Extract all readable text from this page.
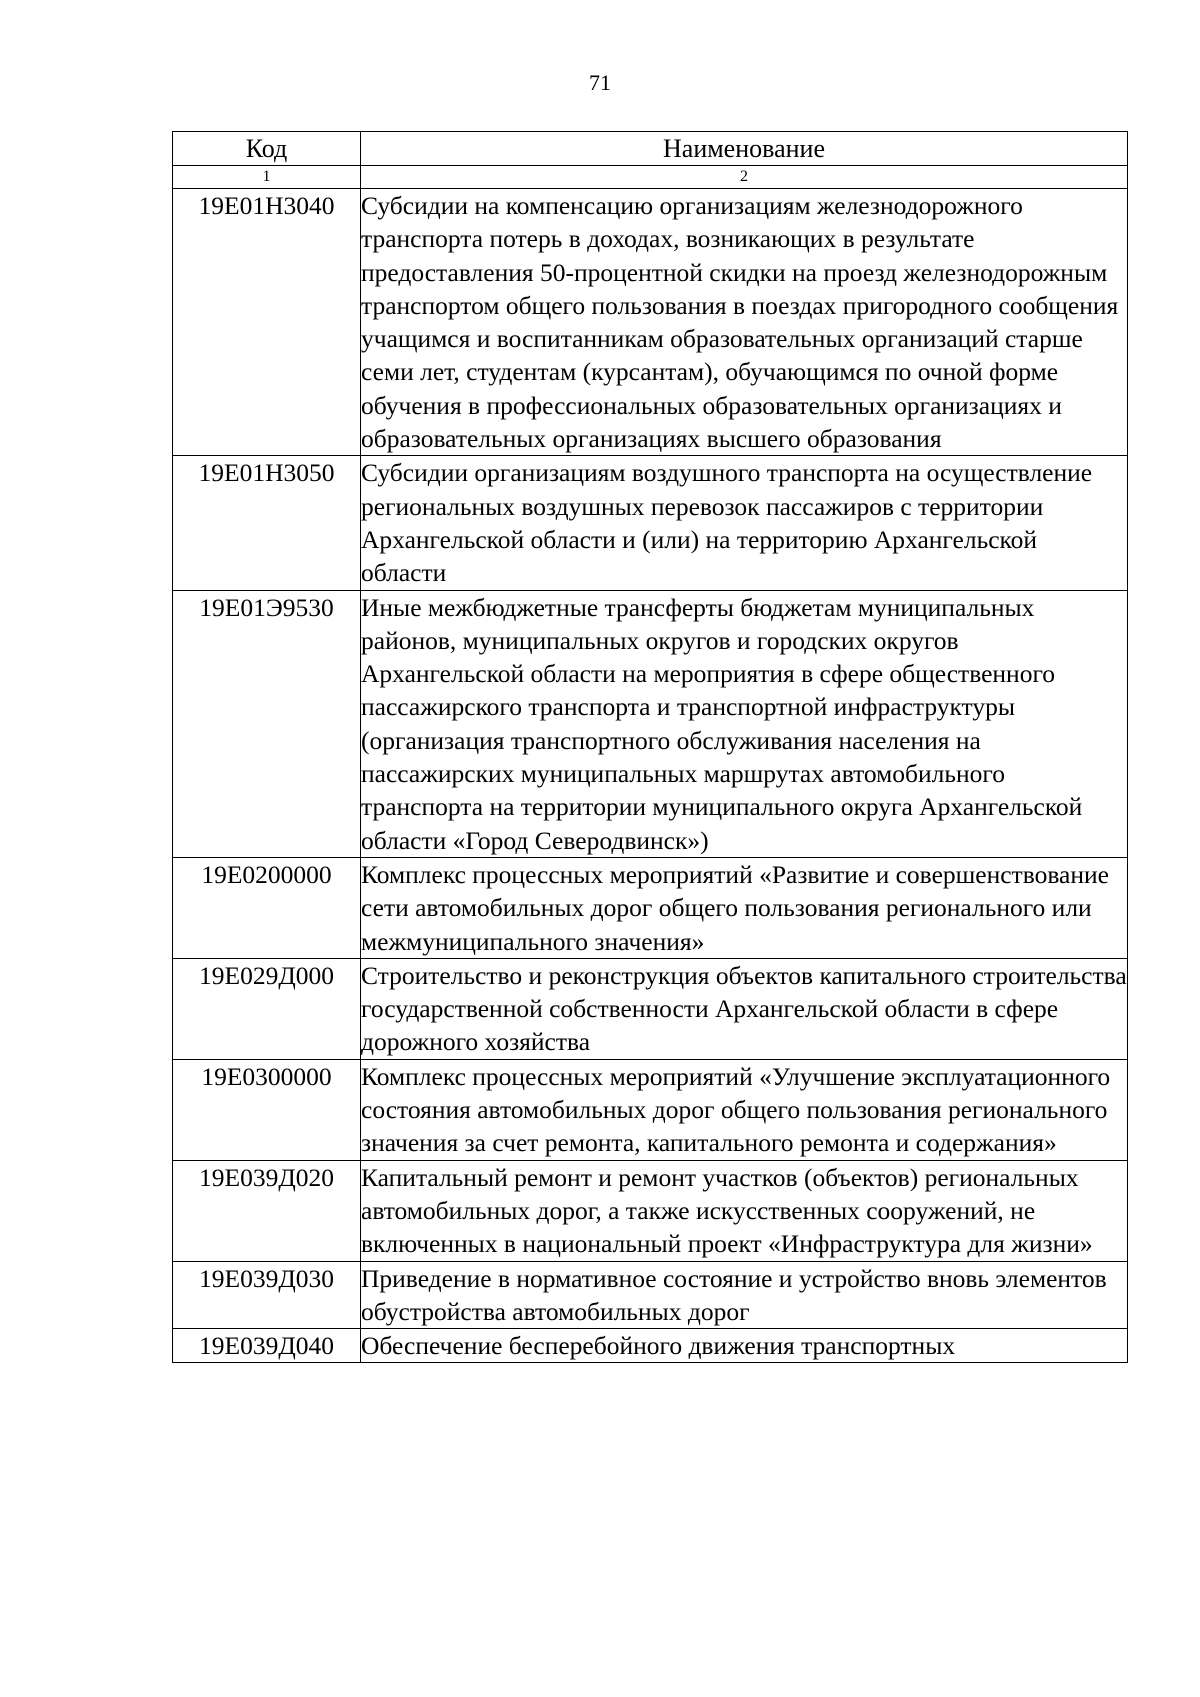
71
Код	Наименование
1	2
19Е01Н3040	Субсидии на компенсацию организациям железнодорожного транспорта потерь в доходах, возникающих в результате предоставления 50-процентной скидки на проезд железнодорожным транспортом общего пользования в поездах пригородного сообщения учащимся и воспитанникам образовательных организаций старше семи лет, студентам (курсантам), обучающимся по очной форме обучения в профессиональных образовательных организациях и образовательных организациях высшего образования
19Е01Н3050	Субсидии организациям воздушного транспорта на осуществление региональных воздушных перевозок пассажиров с территории Архангельской области и (или) на территорию Архангельской области
19Е01Э9530	Иные межбюджетные трансферты бюджетам муниципальных районов, муниципальных округов и городских округов Архангельской области на мероприятия в сфере общественного пассажирского транспорта и транспортной инфраструктуры (организация транспортного обслуживания населения на пассажирских муниципальных маршрутах автомобильного транспорта на территории муниципального округа Архангельской области «Город Северодвинск»)
19Е0200000	Комплекс процессных мероприятий «Развитие и совершенствование сети автомобильных дорог общего пользования регионального или межмуниципального значения»
19Е029Д000	Строительство и реконструкция объектов капитального строительства государственной собственности Архангельской области в сфере дорожного хозяйства
19Е0300000	Комплекс процессных мероприятий «Улучшение эксплуатационного состояния автомобильных дорог общего пользования регионального значения за счет ремонта, капитального ремонта и содержания»
19Е039Д020	Капитальный ремонт и ремонт участков (объектов) региональных автомобильных дорог, а также искусственных сооружений, не включенных в национальный проект «Инфраструктура для жизни»
19Е039Д030	Приведение в нормативное состояние и устройство вновь элементов обустройства автомобильных дорог
19Е039Д040	Обеспечение бесперебойного движения транспортных
